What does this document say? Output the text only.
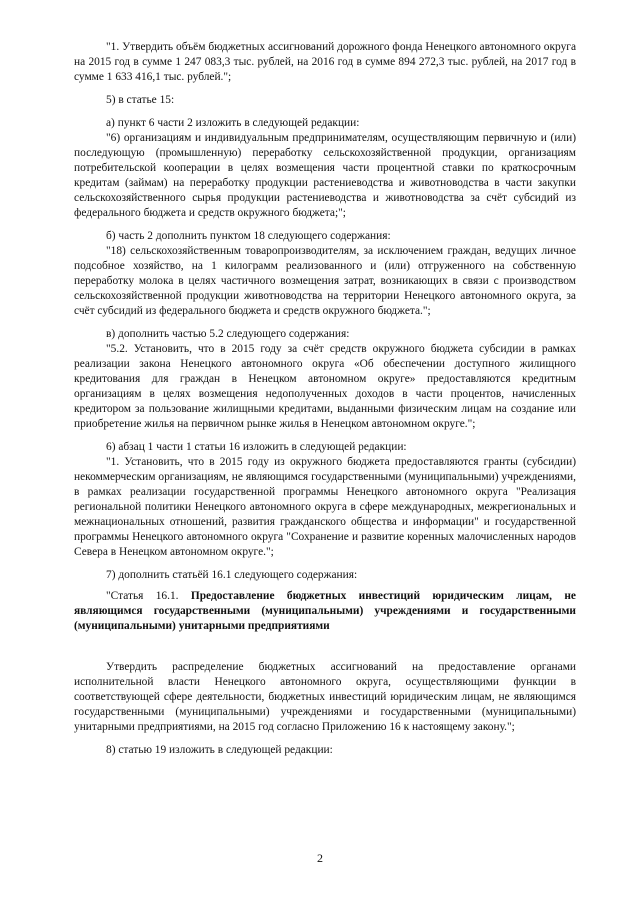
"1. Утвердить объём бюджетных ассигнований дорожного фонда Ненецкого автономного округа на 2015 год в сумме 1 247 083,3 тыс. рублей, на 2016 год в сумме 894 272,3 тыс. рублей, на 2017 год в сумме 1 633 416,1 тыс. рублей.";

5) в статье 15:

а) пункт 6 части 2 изложить в следующей редакции:

"6) организациям и индивидуальным предпринимателям, осуществляющим первичную и (или) последующую (промышленную) переработку сельскохозяйственной продукции, организациям потребительской кооперации в целях возмещения части процентной ставки по краткосрочным кредитам (займам) на переработку продукции растениеводства и животноводства в части закупки сельскохозяйственного сырья продукции растениеводства и животноводства за счёт субсидий из федерального бюджета и средств окружного бюджета;";

б) часть 2 дополнить пунктом 18 следующего содержания:

"18) сельскохозяйственным товаропроизводителям, за исключением граждан, ведущих личное подсобное хозяйство, на 1 килограмм реализованного и (или) отгруженного на собственную переработку молока в целях частичного возмещения затрат, возникающих в связи с производством сельскохозяйственной продукции животноводства на территории Ненецкого автономного округа, за счёт субсидий из федерального бюджета и средств окружного бюджета.";

в) дополнить частью 5.2 следующего содержания:

"5.2. Установить, что в 2015 году за счёт средств окружного бюджета субсидии в рамках реализации закона Ненецкого автономного округа «Об обеспечении доступного жилищного кредитования для граждан в Ненецком автономном округе» предоставляются кредитным организациям в целях возмещения недополученных доходов в части процентов, начисленных кредитором за пользование жилищными кредитами, выданными физическим лицам на создание или приобретение жилья на первичном рынке жилья в Ненецком автономном округе.";

6) абзац 1 части 1 статьи 16 изложить в следующей редакции:

"1. Установить, что в 2015 году из окружного бюджета предоставляются гранты (субсидии) некоммерческим организациям, не являющимся государственными (муниципальными) учреждениями, в рамках реализации государственной программы Ненецкого автономного округа "Реализация региональной политики Ненецкого автономного округа в сфере международных, межрегиональных и межнациональных отношений, развития гражданского общества и информации" и государственной программы Ненецкого автономного округа "Сохранение и развитие коренных малочисленных народов Севера в Ненецком автономном округе.";

7) дополнить статьёй 16.1 следующего содержания:

"Статья 16.1. Предоставление бюджетных инвестиций юридическим лицам, не являющимся государственными (муниципальными) учреждениями и государственными (муниципальными) унитарными предприятиями

Утвердить распределение бюджетных ассигнований на предоставление органами исполнительной власти Ненецкого автономного округа, осуществляющими функции в соответствующей сфере деятельности, бюджетных инвестиций юридическим лицам, не являющимся государственными (муниципальными) учреждениями и государственными (муниципальными) унитарными предприятиями, на 2015 год согласно Приложению 16 к настоящему закону.";

8) статью 19 изложить в следующей редакции:

2
